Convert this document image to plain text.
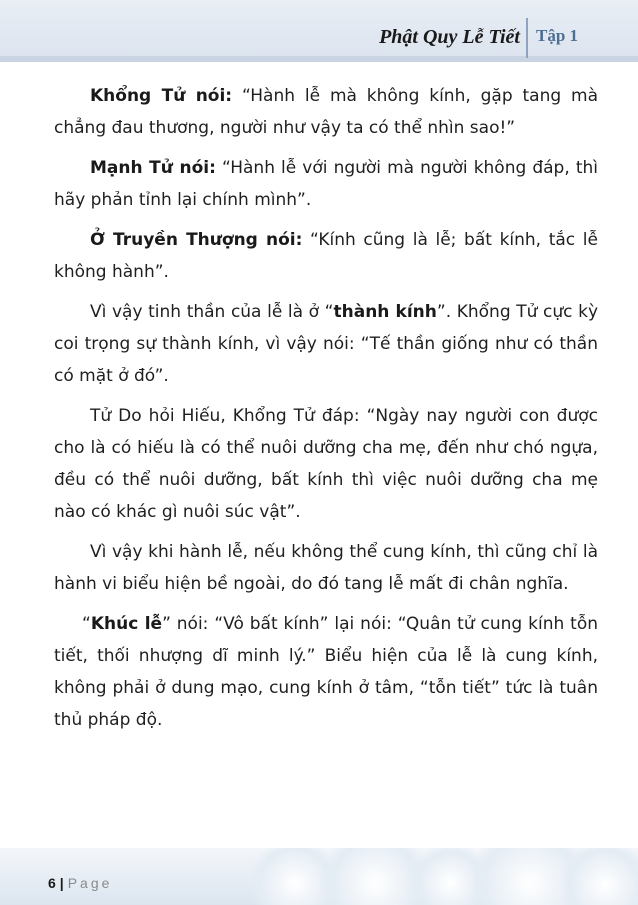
Phật Quy Lễ Tiết Tập 1

Khổng Tử nói: “Hành lễ mà không kính, gặp tang mà chẳng đau thương, người như vậy ta có thể nhìn sao!”

Mạnh Tử nói: “Hành lễ với người mà người không đáp, thì hãy phản tỉnh lại chính mình”.

Ở Truyền Thượng nói: “Kính cũng là lễ; bất kính, tắc lễ không hành”.

Vì vậy tinh thần của lễ là ở “thành kính”. Khổng Tử cực kỳ coi trọng sự thành kính, vì vậy nói: “Tế thần giống như có thần có mặt ở đó”.

Tử Do hỏi Hiếu, Khổng Tử đáp: “Ngày nay người con được cho là có hiếu là có thể nuôi dưỡng cha mẹ, đến như chó ngựa, đều có thể nuôi dưỡng, bất kính thì việc nuôi dưỡng cha mẹ nào có khác gì nuôi súc vật”.

Vì vậy khi hành lễ, nếu không thể cung kính, thì cũng chỉ là hành vi biểu hiện bề ngoài, do đó tang lễ mất đi chân nghĩa.

“Khúc lễ” nói: “Vô bất kính” lại nói: “Quân tử cung kính tỗn tiết, thối nhượng dĩ minh lý.” Biểu hiện của lễ là cung kính, không phải ở dung mạo, cung kính ở tâm, “tỗn tiết” tức là tuân thủ pháp độ.

6 | Page
